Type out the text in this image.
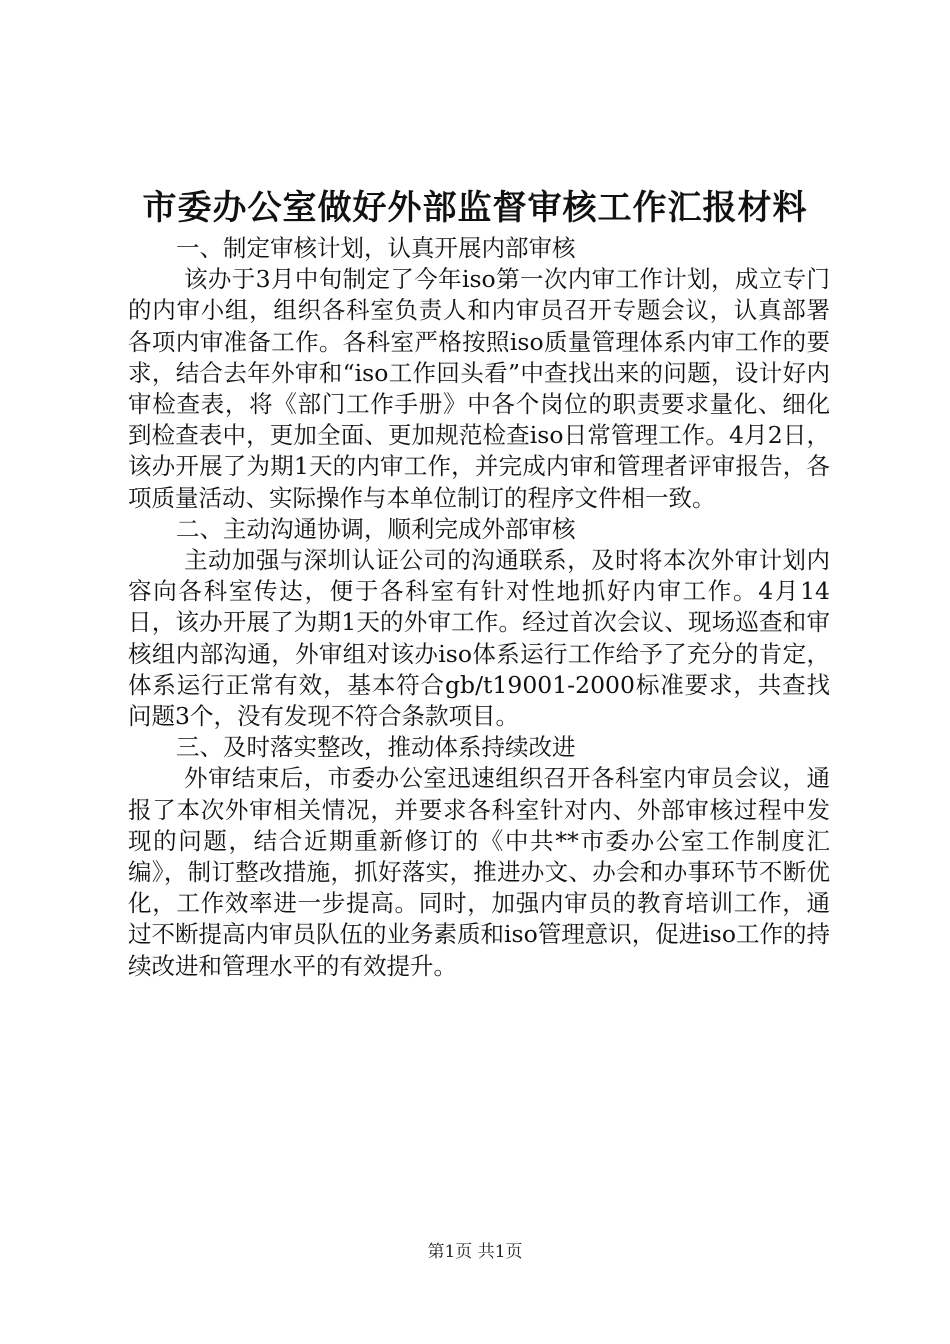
市委办公室做好外部监督审核工作汇报材料

一、制定审核计划，认真开展内部审核

该办于3月中旬制定了今年iso第一次内审工作计划，成立专门的内审小组，组织各科室负责人和内审员召开专题会议，认真部署各项内审准备工作。各科室严格按照iso质量管理体系内审工作的要求，结合去年外审和“iso工作回头看”中查找出来的问题，设计好内审检查表，将《部门工作手册》中各个岗位的职责要求量化、细化到检查表中，更加全面、更加规范检查iso日常管理工作。4月2日，该办开展了为期1天的内审工作，并完成内审和管理者评审报告，各项质量活动、实际操作与本单位制订的程序文件相一致。

二、主动沟通协调，顺利完成外部审核

主动加强与深圳认证公司的沟通联系，及时将本次外审计划内容向各科室传达，便于各科室有针对性地抓好内审工作。4月14日，该办开展了为期1天的外审工作。经过首次会议、现场巡查和审核组内部沟通，外审组对该办iso体系运行工作给予了充分的肯定，体系运行正常有效，基本符合gb/t19001-2000标准要求，共查找问题3个，没有发现不符合条款项目。

三、及时落实整改，推动体系持续改进

外审结束后，市委办公室迅速组织召开各科室内审员会议，通报了本次外审相关情况，并要求各科室针对内、外部审核过程中发现的问题，结合近期重新修订的《中共**市委办公室工作制度汇编》，制订整改措施，抓好落实，推进办文、办会和办事环节不断优化，工作效率进一步提高。同时，加强内审员的教育培训工作，通过不断提高内审员队伍的业务素质和iso管理意识，促进iso工作的持续改进和管理水平的有效提升。

第1页 共1页
